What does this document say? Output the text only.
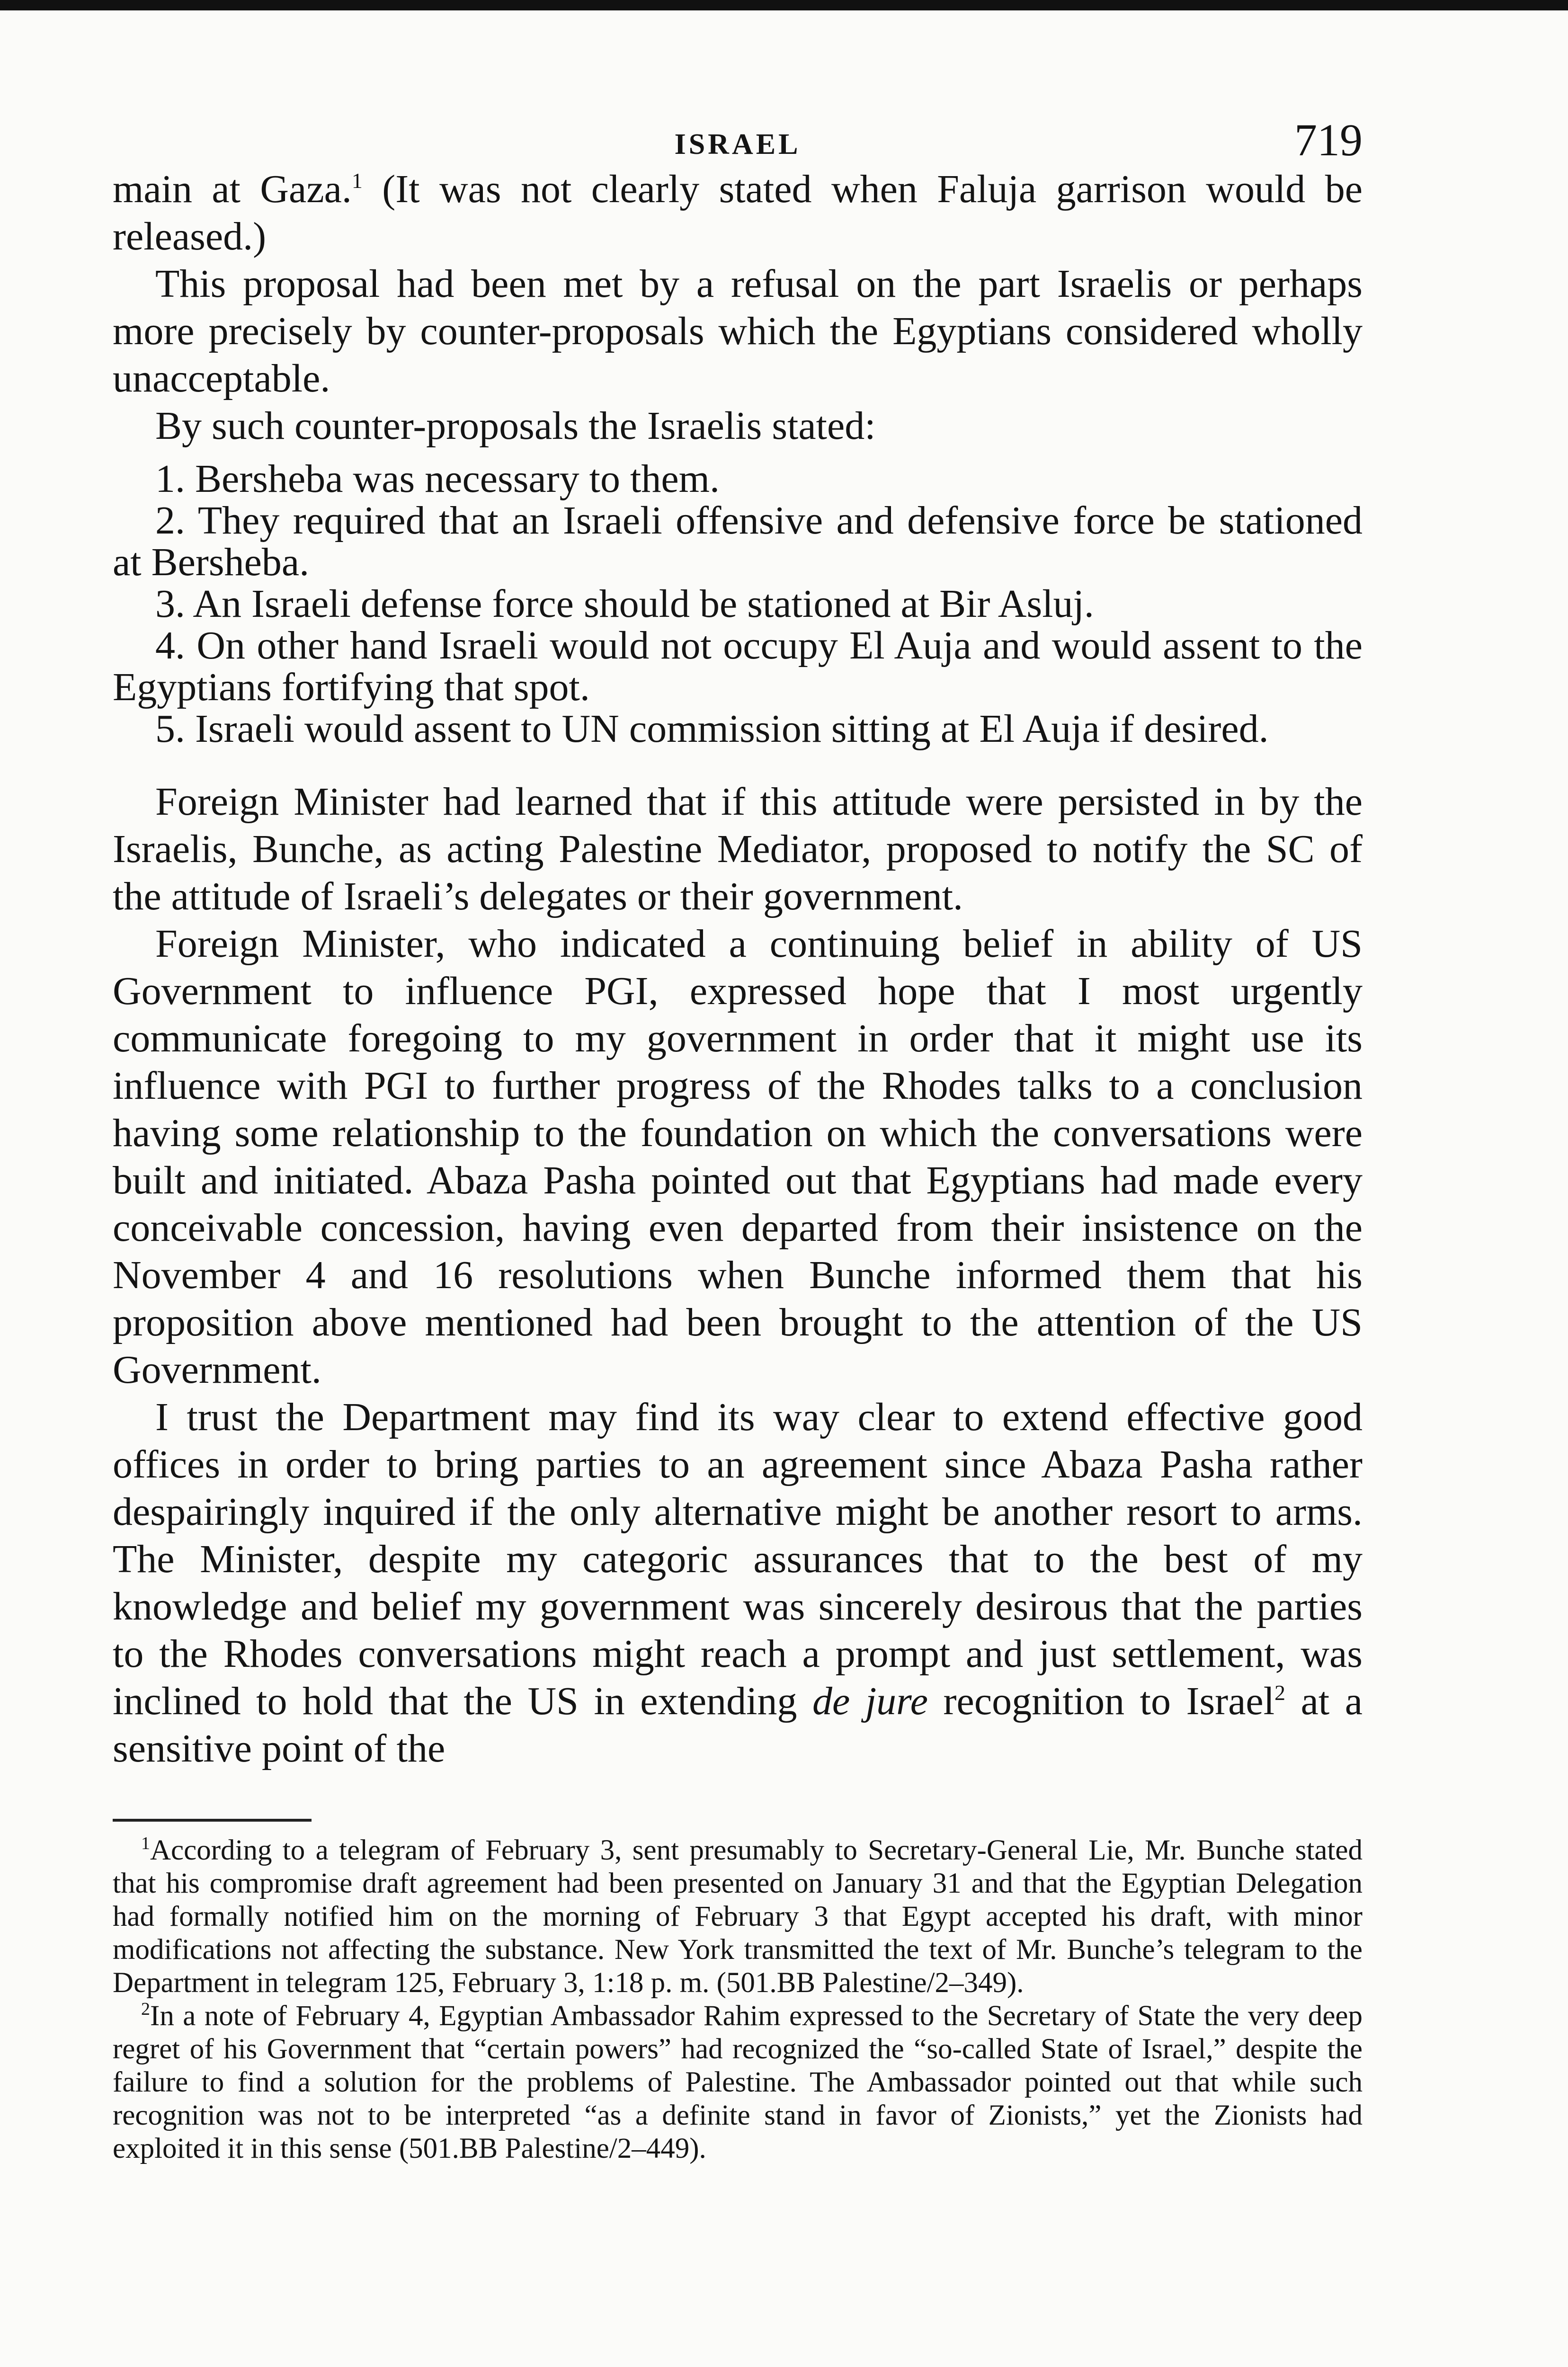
ISRAEL	719

main at Gaza.$^1$ (It was not clearly stated when Faluja garrison would be released.)

This proposal had been met by a refusal on the part Israelis or perhaps more precisely by counter-proposals which the Egyptians considered wholly unacceptable.

By such counter-proposals the Israelis stated:

1. Bersheba was necessary to them.

2. They required that an Israeli offensive and defensive force be stationed at Bersheba.

3. An Israeli defense force should be stationed at Bir Asluj.

4. On other hand Israeli would not occupy El Auja and would assent to the Egyptians fortifying that spot.

5. Israeli would assent to UN commission sitting at El Auja if desired.

Foreign Minister had learned that if this attitude were persisted in by the Israelis, Bunche, as acting Palestine Mediator, proposed to notify the SC of the attitude of Israeli’s delegates or their government.

Foreign Minister, who indicated a continuing belief in ability of US Government to influence PGI, expressed hope that I most urgently communicate foregoing to my government in order that it might use its influence with PGI to further progress of the Rhodes talks to a conclusion having some relationship to the foundation on which the conversations were built and initiated. Abaza Pasha pointed out that Egyptians had made every conceivable concession, having even departed from their insistence on the November 4 and 16 resolutions when Bunche informed them that his proposition above mentioned had been brought to the attention of the US Government.

I trust the Department may find its way clear to extend effective good offices in order to bring parties to an agreement since Abaza Pasha rather despairingly inquired if the only alternative might be another resort to arms. The Minister, despite my categoric assurances that to the best of my knowledge and belief my government was sincerely desirous that the parties to the Rhodes conversations might reach a prompt and just settlement, was inclined to hold that the US in extending de jure recognition to Israel$^2$ at a sensitive point of the

$^1$According to a telegram of February 3, sent presumably to Secretary-General Lie, Mr. Bunche stated that his compromise draft agreement had been presented on January 31 and that the Egyptian Delegation had formally notified him on the morning of February 3 that Egypt accepted his draft, with minor modifications not affecting the substance. New York transmitted the text of Mr. Bunche’s telegram to the Department in telegram 125, February 3, 1:18 p. m. (501.BB Palestine/2–349).

$^2$In a note of February 4, Egyptian Ambassador Rahim expressed to the Secretary of State the very deep regret of his Government that “certain powers” had recognized the “so-called State of Israel,” despite the failure to find a solution for the problems of Palestine. The Ambassador pointed out that while such recognition was not to be interpreted “as a definite stand in favor of Zionists,” yet the Zionists had exploited it in this sense (501.BB Palestine/2–449).
